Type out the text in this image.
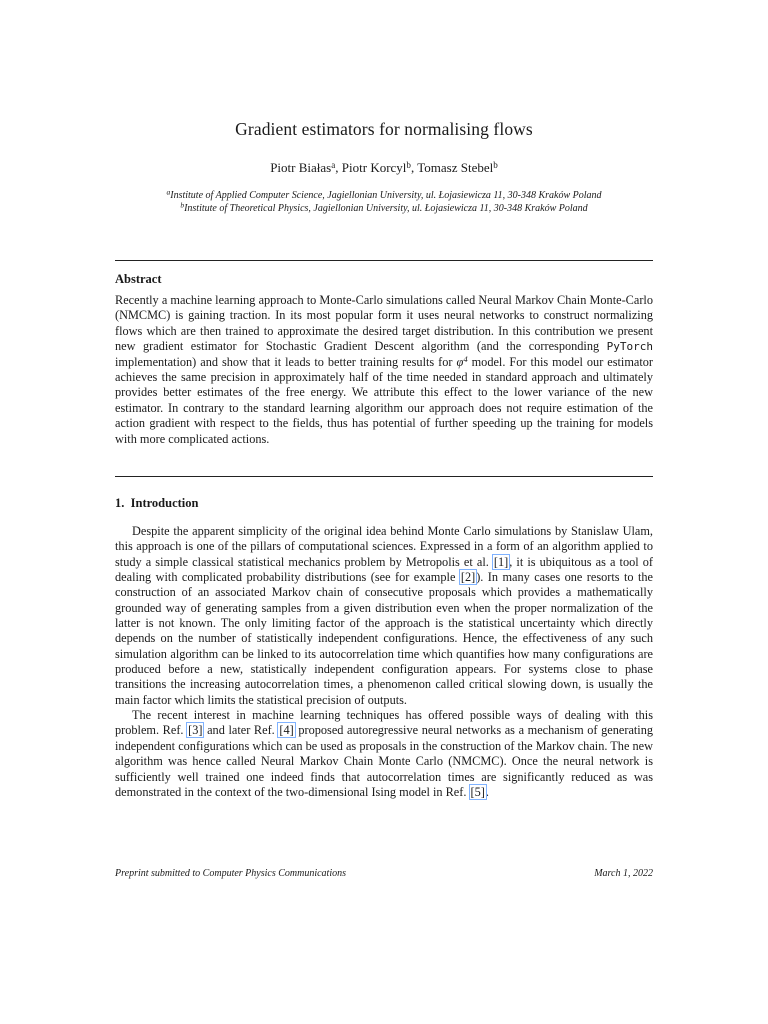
Gradient estimators for normalising flows
Piotr Białas$^a$, Piotr Korcyl$^b$, Tomasz Stebel$^b$
$^a$Institute of Applied Computer Science, Jagiellonian University, ul. Łojasiewicza 11, 30-348 Kraków Poland
$^b$Institute of Theoretical Physics, Jagiellonian University, ul. Łojasiewicza 11, 30-348 Kraków Poland
Abstract

Recently a machine learning approach to Monte-Carlo simulations called Neural Markov Chain Monte-Carlo (NMCMC) is gaining traction. In its most popular form it uses neural networks to construct normalizing flows which are then trained to approximate the desired target distribution. In this contribution we present new gradient estimator for Stochastic Gradient Descent algorithm (and the corresponding PyTorch implementation) and show that it leads to better training results for $\varphi^4$ model. For this model our estimator achieves the same precision in approximately half of the time needed in standard approach and ultimately provides better estimates of the free energy. We attribute this effect to the lower variance of the new estimator. In contrary to the standard learning algorithm our approach does not require estimation of the action gradient with respect to the fields, thus has potential of further speeding up the training for models with more complicated actions.

1. Introduction

Despite the apparent simplicity of the original idea behind Monte Carlo simulations by Stanislaw Ulam, this approach is one of the pillars of computational sciences. Expressed in a form of an algorithm applied to study a simple classical statistical mechanics problem by Metropolis et al. [1], it is ubiquitous as a tool of dealing with complicated probability distributions (see for example [2]). In many cases one resorts to the construction of an associated Markov chain of consecutive proposals which provides a mathematically grounded way of generating samples from a given distribution even when the proper normalization of the latter is not known. The only limiting factor of the approach is the statistical uncertainty which directly depends on the number of statistically independent configurations. Hence, the effectiveness of any such simulation algorithm can be linked to its autocorrelation time which quantifies how many configurations are produced before a new, statistically independent configuration appears. For systems close to phase transitions the increasing autocorrelation times, a phenomenon called critical slowing down, is usually the main factor which limits the statistical precision of outputs.

The recent interest in machine learning techniques has offered possible ways of dealing with this problem. Ref. [3] and later Ref. [4] proposed autoregressive neural networks as a mechanism of generating independent configurations which can be used as proposals in the construction of the Markov chain. The new algorithm was hence called Neural Markov Chain Monte Carlo (NMCMC). Once the neural network is sufficiently well trained one indeed finds that autocorrelation times are significantly reduced as was demonstrated in the context of the two-dimensional Ising model in Ref. [5].

Preprint submitted to Computer Physics Communications	March 1, 2022
